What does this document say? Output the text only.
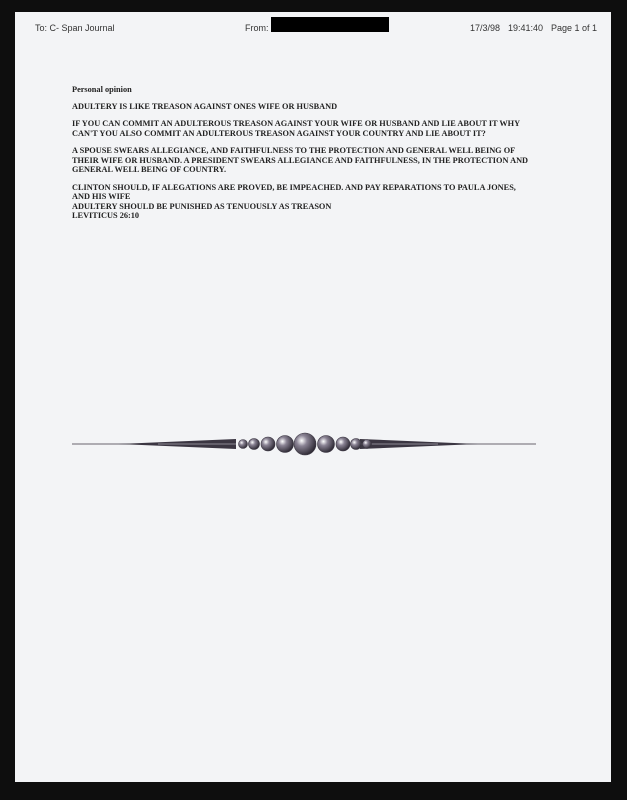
To: C- Span Journal	From:	17/3/98 19:41:40 Page 1 of 1

Personal opinion

ADULTERY IS LIKE TREASON AGAINST ONES WIFE OR HUSBAND

IF YOU CAN COMMIT AN ADULTEROUS TREASON AGAINST YOUR WIFE OR HUSBAND AND LIE ABOUT IT WHY CAN'T YOU ALSO COMMIT AN ADULTEROUS TREASON AGAINST YOUR COUNTRY AND LIE ABOUT IT?

A SPOUSE SWEARS ALLEGIANCE, AND FAITHFULNESS TO THE PROTECTION AND GENERAL WELL BEING OF THEIR WIFE OR HUSBAND. A PRESIDENT SWEARS ALLEGIANCE AND FAITHFULNESS, IN THE PROTECTION AND GENERAL WELL BEING OF COUNTRY.

CLINTON SHOULD, IF ALEGATIONS ARE PROVED, BE IMPEACHED. AND PAY REPARATIONS TO PAULA JONES, AND HIS WIFE

ADULTERY SHOULD BE PUNISHED AS TENUOUSLY AS TREASON

LEVITICUS 26:10
